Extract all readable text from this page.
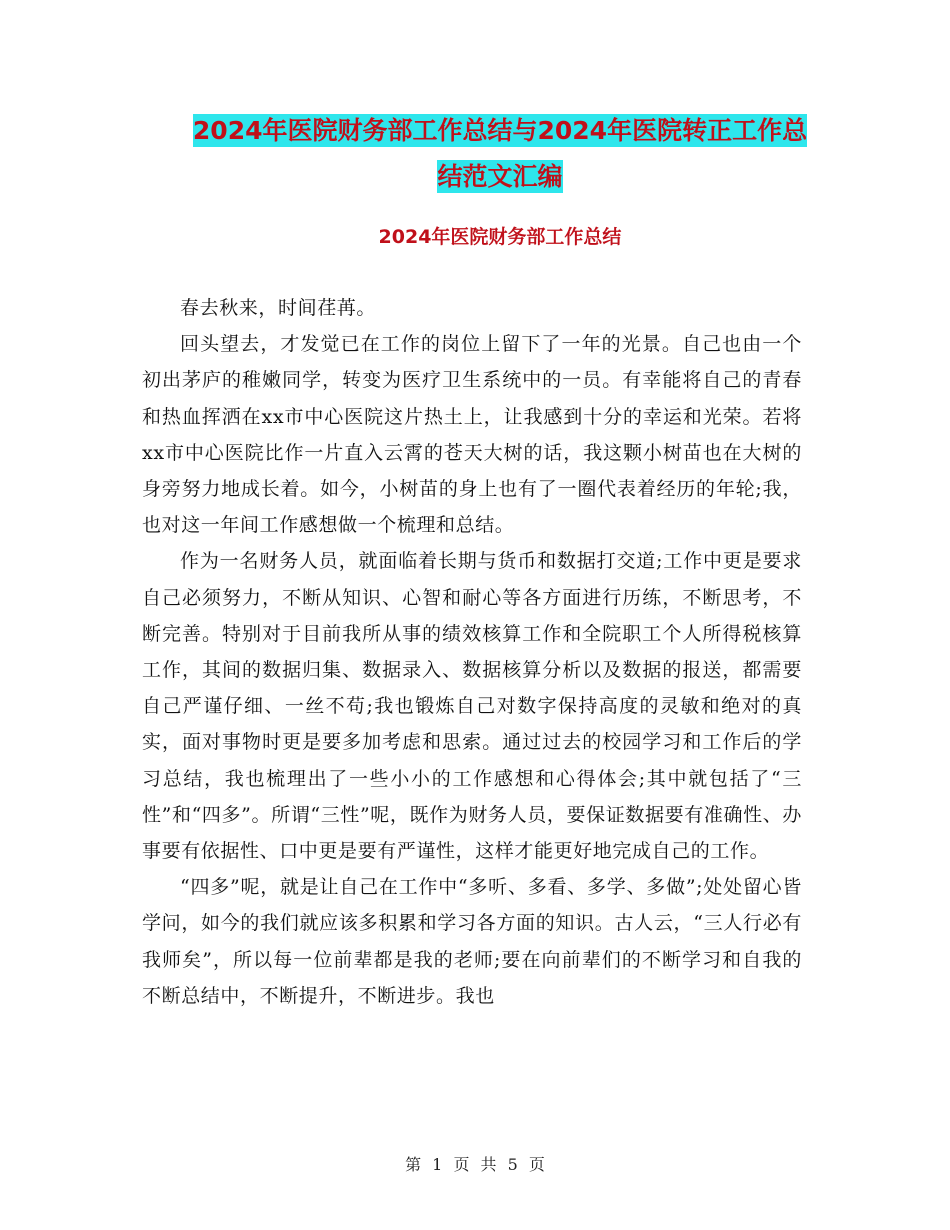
2024年医院财务部工作总结与2024年医院转正工作总
结范文汇编
2024年医院财务部工作总结

春去秋来，时间荏苒。

回头望去，才发觉已在工作的岗位上留下了一年的光景。自己也由一个初出茅庐的稚嫩同学，转变为医疗卫生系统中的一员。有幸能将自己的青春和热血挥洒在xx市中心医院这片热土上，让我感到十分的幸运和光荣。若将xx市中心医院比作一片直入云霄的苍天大树的话，我这颗小树苗也在大树的身旁努力地成长着。如今，小树苗的身上也有了一圈代表着经历的年轮;我，也对这一年间工作感想做一个梳理和总结。

作为一名财务人员，就面临着长期与货币和数据打交道;工作中更是要求自己必须努力，不断从知识、心智和耐心等各方面进行历练，不断思考，不断完善。特别对于目前我所从事的绩效核算工作和全院职工个人所得税核算工作，其间的数据归集、数据录入、数据核算分析以及数据的报送，都需要自己严谨仔细、一丝不苟;我也锻炼自己对数字保持高度的灵敏和绝对的真实，面对事物时更是要多加考虑和思索。通过过去的校园学习和工作后的学习总结，我也梳理出了一些小小的工作感想和心得体会;其中就包括了“三性”和“四多”。所谓“三性”呢，既作为财务人员，要保证数据要有准确性、办事要有依据性、口中更是要有严谨性，这样才能更好地完成自己的工作。

“四多”呢，就是让自己在工作中“多听、多看、多学、多做”;处处留心皆学问，如今的我们就应该多积累和学习各方面的知识。古人云，“三人行必有我师矣”，所以每一位前辈都是我的老师;要在向前辈们的不断学习和自我的不断总结中，不断提升，不断进步。我也

第 1 页 共 5 页
